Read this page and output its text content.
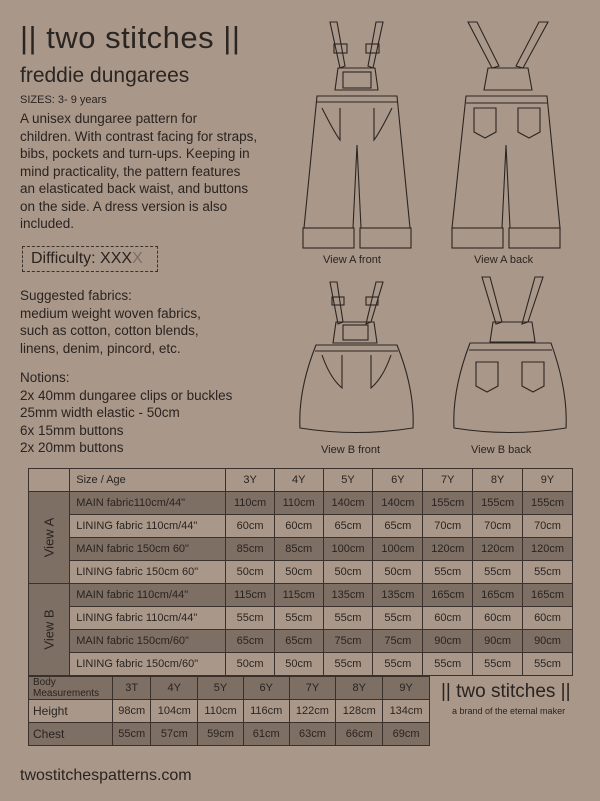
|| two stitches ||
freddie dungarees
SIZES: 3- 9 years
A unisex dungaree pattern for
children. With contrast facing for straps,
bibs, pockets and turn-ups. Keeping in
mind practicality, the pattern features
an elasticated back waist, and buttons
on the side. A dress version is also
included.
Difficulty: XXXX
Suggested fabrics:
medium weight woven fabrics,
such as cotton, cotton blends,
linens, denim, pincord, etc.
Notions:
2x 40mm dungaree clips or buckles
25mm width elastic - 50cm
6x 15mm buttons
2x 20mm buttons
View A front	View A back
View B front	View B back
	Size / Age	3Y	4Y	5Y	6Y	7Y	8Y	9Y
View A	MAIN fabric110cm/44"	110cm	110cm	140cm	140cm	155cm	155cm	155cm
	LINING fabric 110cm/44"	60cm	60cm	65cm	65cm	70cm	70cm	70cm
	MAIN fabric 150cm 60"	85cm	85cm	100cm	100cm	120cm	120cm	120cm
	LINING fabric 150cm 60"	50cm	50cm	50cm	50cm	55cm	55cm	55cm
View B	MAIN fabric 110cm/44"	115cm	115cm	135cm	135cm	165cm	165cm	165cm
	LINING fabric 110cm/44"	55cm	55cm	55cm	55cm	60cm	60cm	60cm
	MAIN fabric 150cm/60"	65cm	65cm	75cm	75cm	90cm	90cm	90cm
	LINING fabric 150cm/60"	50cm	50cm	55cm	55cm	55cm	55cm	55cm
Body Measurements	3T	4Y	5Y	6Y	7Y	8Y	9Y
Height	98cm	104cm	110cm	116cm	122cm	128cm	134cm
Chest	55cm	57cm	59cm	61cm	63cm	66cm	69cm
|| two stitches ||
a brand of the eternal maker
twostitchespatterns.com
